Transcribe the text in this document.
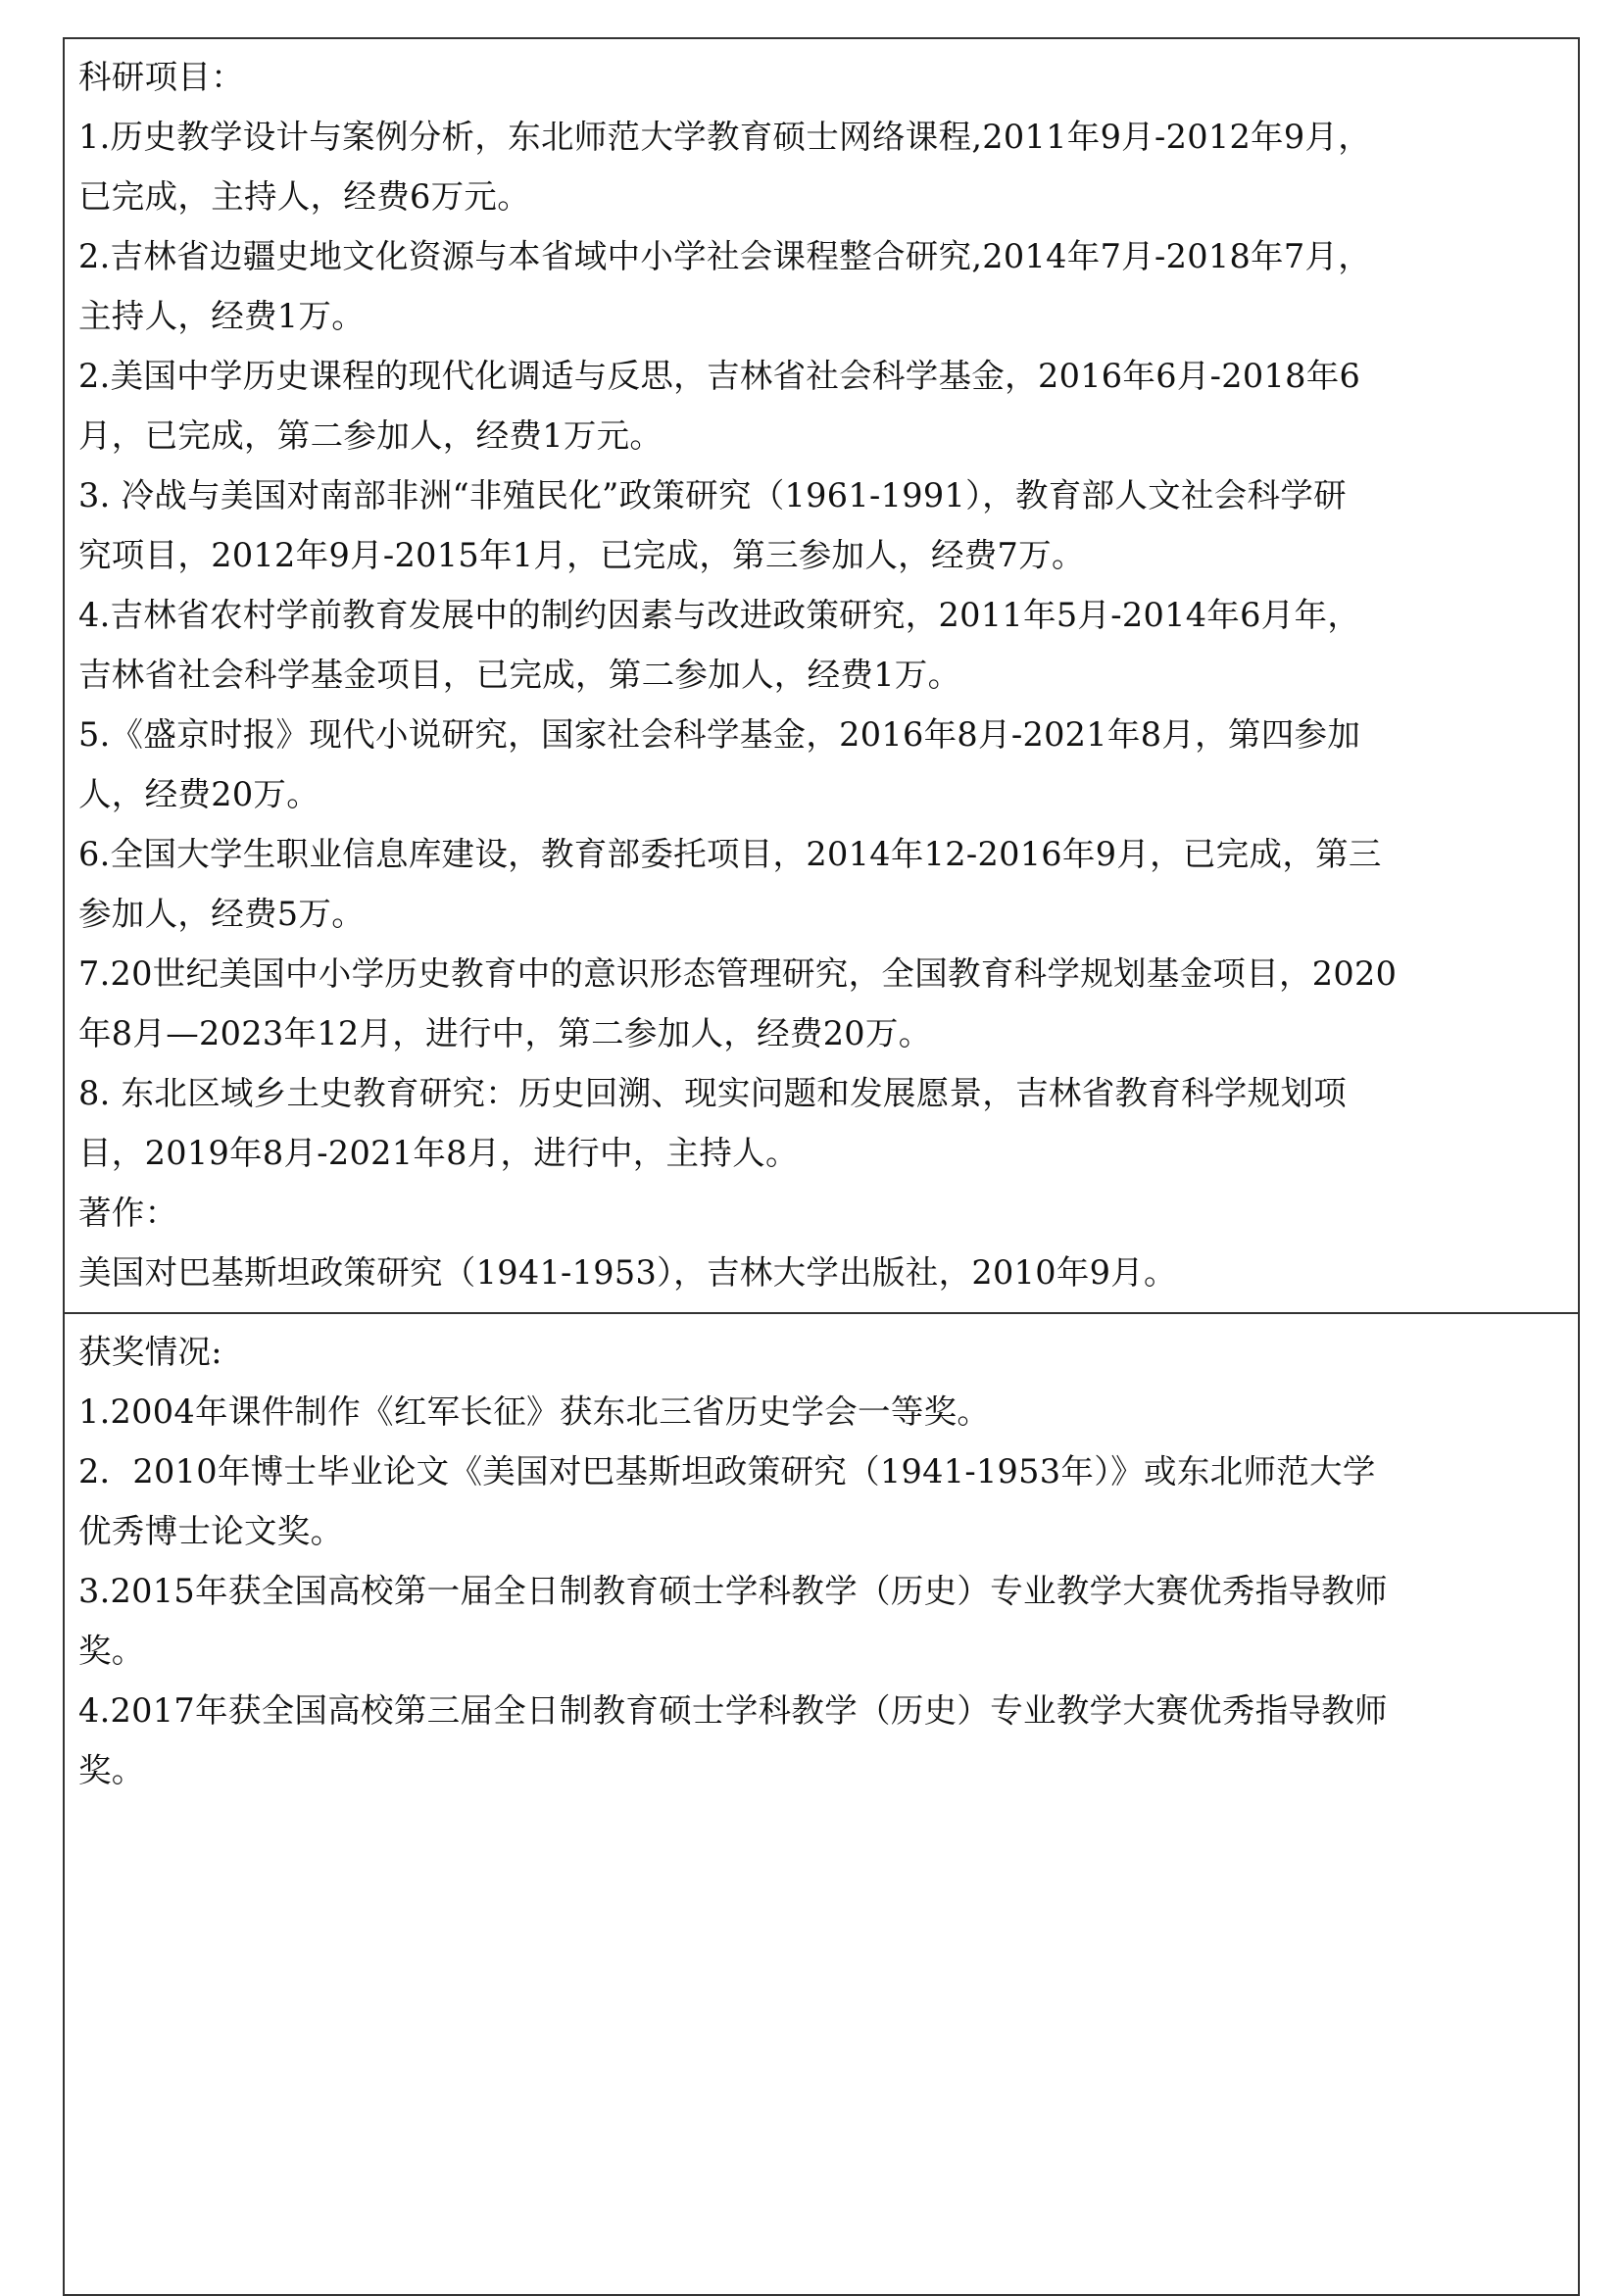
科研项目：
1.历史教学设计与案例分析，东北师范大学教育硕士网络课程,2011年9月-2012年9月，
已完成，主持人，经费6万元。
2.吉林省边疆史地文化资源与本省域中小学社会课程整合研究,2014年7月-2018年7月，
主持人，经费1万。
2.美国中学历史课程的现代化调适与反思，吉林省社会科学基金，2016年6月-2018年6
月，已完成，第二参加人，经费1万元。
3. 冷战与美国对南部非洲“非殖民化”政策研究（1961-1991），教育部人文社会科学研
究项目，2012年9月-2015年1月，已完成，第三参加人，经费7万。
4.吉林省农村学前教育发展中的制约因素与改进政策研究，2011年5月-2014年6月年，
吉林省社会科学基金项目，已完成，第二参加人，经费1万。
5.《盛京时报》现代小说研究，国家社会科学基金，2016年8月-2021年8月，第四参加
人，经费20万。
6.全国大学生职业信息库建设，教育部委托项目，2014年12-2016年9月，已完成，第三
参加人，经费5万。
7.20世纪美国中小学历史教育中的意识形态管理研究，全国教育科学规划基金项目，2020
年8月—2023年12月，进行中，第二参加人，经费20万。
8. 东北区域乡土史教育研究：历史回溯、现实问题和发展愿景，吉林省教育科学规划项
目，2019年8月-2021年8月，进行中，主持人。
著作：
美国对巴基斯坦政策研究（1941-1953），吉林大学出版社，2010年9月。
获奖情况:
1.2004年课件制作《红军长征》获东北三省历史学会一等奖。
2．2010年博士毕业论文《美国对巴基斯坦政策研究（1941-1953年）》或东北师范大学
优秀博士论文奖。
3.2015年获全国高校第一届全日制教育硕士学科教学（历史）专业教学大赛优秀指导教师
奖。
4.2017年获全国高校第三届全日制教育硕士学科教学（历史）专业教学大赛优秀指导教师
奖。
